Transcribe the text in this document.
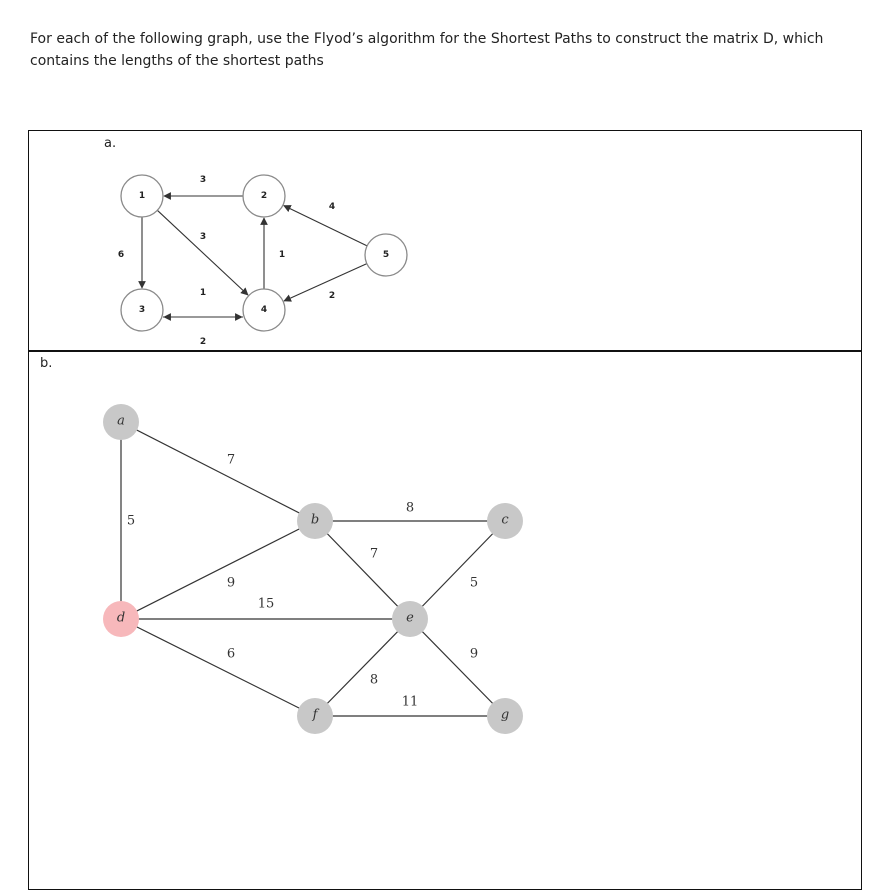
For each of the following graph, use the Flyod’s algorithm for the Shortest Paths to construct the matrix D, which contains the lengths of the shortest paths
a.
b.
3
6
3
1
4
2
1
2
1	2
3	4
5
5
7
8
9
7
5
15
6
8
9
11
a
b	c
d	e
f	g
